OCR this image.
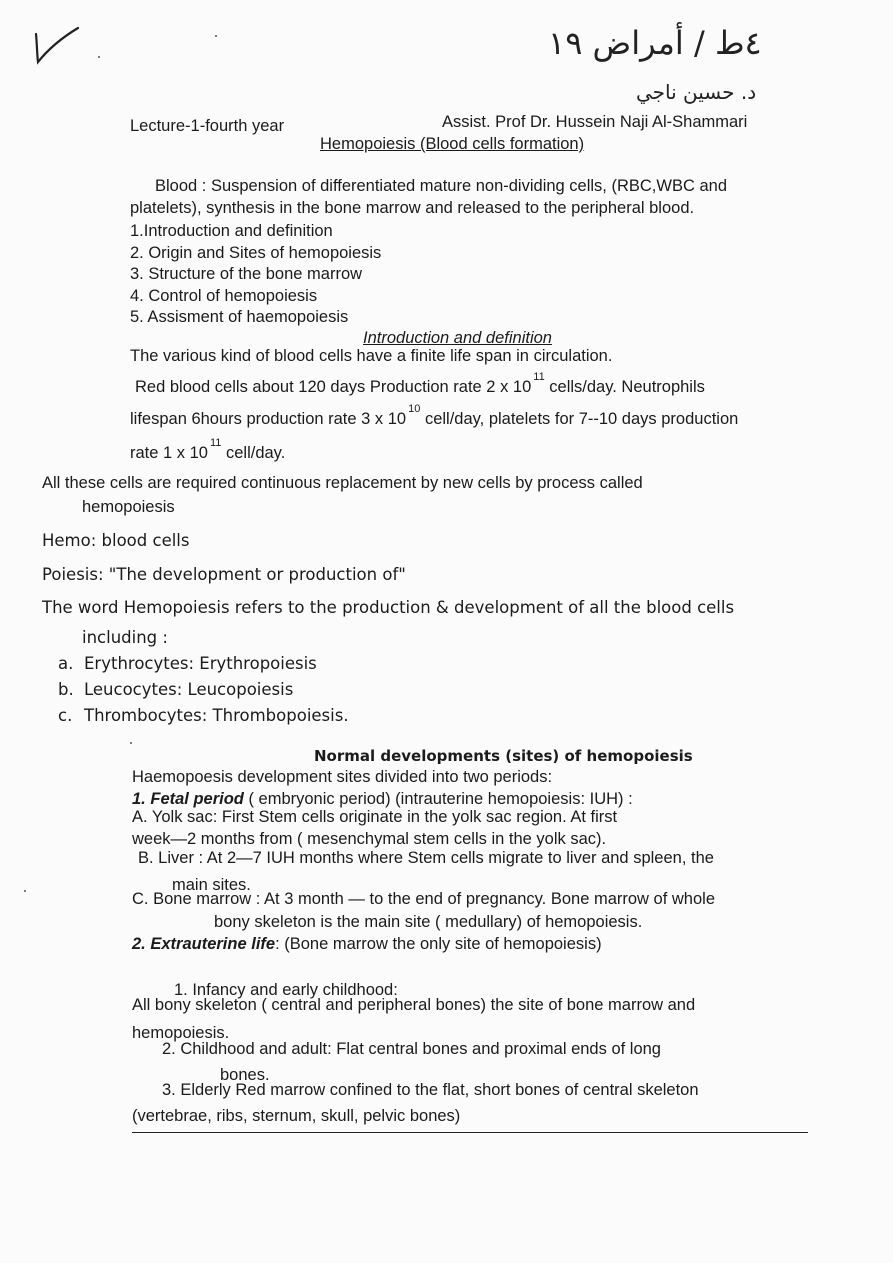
٤ط / أمراض ١٩
د. حسين ناجي
Lecture-1-fourth year	Assist. Prof Dr. Hussein Naji Al-Shammari
Hemopoiesis (Blood cells formation)
Blood : Suspension of differentiated mature non-dividing cells, (RBC,WBC and
platelets), synthesis in the bone marrow and released to the peripheral blood.
1.Introduction and definition
2. Origin and Sites of hemopoiesis
3. Structure of the bone marrow
4. Control of hemopoiesis
5. Assisment of haemopoiesis
Introduction and definition
The various kind of blood cells have a finite life span in circulation.
Red blood cells about 120 days Production rate 2 x $10^{11}$ cells/day. Neutrophils
lifespan 6hours production rate 3 x $10^{10}$ cell/day, platelets for 7--10 days production
rate 1 x $10^{11}$ cell/day.
All these cells are required continuous replacement by new cells by process called
hemopoiesis
Hemo: blood cells
Poiesis: "The development or production of"
The word Hemopoiesis refers to the production & development of all the blood cells
including :
a. Erythrocytes: Erythropoiesis
b. Leucocytes: Leucopoiesis
c. Thrombocytes: Thrombopoiesis.
Normal developments (sites) of hemopoiesis
Haemopoesis development sites divided into two periods:
1. Fetal period ( embryonic period) (intrauterine hemopoiesis: IUH) :
A. Yolk sac: First Stem cells originate in the yolk sac region. At first
week—2 months from ( mesenchymal stem cells in the yolk sac).
B. Liver : At 2—7 IUH months where Stem cells migrate to liver and spleen, the
main sites.
C. Bone marrow : At 3 month — to the end of pregnancy. Bone marrow of whole
bony skeleton is the main site ( medullary) of hemopoiesis.
2. Extrauterine life: (Bone marrow the only site of hemopoiesis)
1. Infancy and early childhood:
All bony skeleton ( central and peripheral bones) the site of bone marrow and
hemopoiesis.
2. Childhood and adult: Flat central bones and proximal ends of long
bones.
3. Elderly Red marrow confined to the flat, short bones of central skeleton
(vertebrae, ribs, sternum, skull, pelvic bones)
